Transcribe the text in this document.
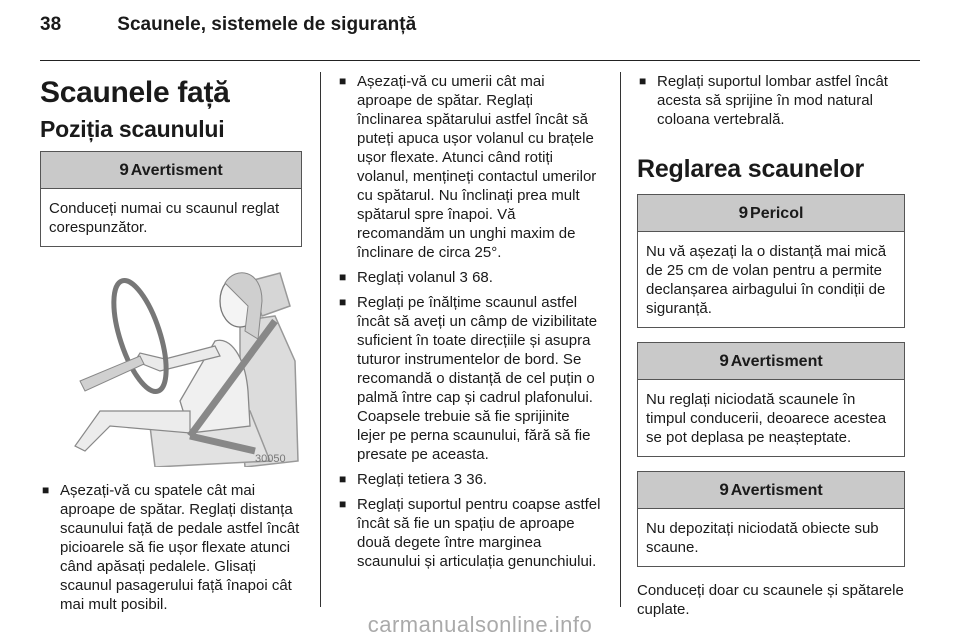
38	Scaunele, sistemele de siguranță
Scaunele față
Poziția scaunului
9 Avertisment
Conduceți numai cu scaunul reglat corespunzător.
30050
■ Așezați-vă cu spatele cât mai aproape de spătar. Reglați distanța scaunului față de pedale astfel încât picioarele să fie ușor flexate atunci când apăsați pedalele. Glisați scaunul pasagerului față înapoi cât mai mult posibil.
■ Așezați-vă cu umerii cât mai aproape de spătar. Reglați înclinarea spătarului astfel încât să puteți apuca ușor volanul cu brațele ușor flexate. Atunci când rotiți volanul, mențineți contactul umerilor cu spătarul. Nu înclinați prea mult spătarul spre înapoi. Vă recomandăm un unghi maxim de înclinare de circa 25°.
■ Reglați volanul 3 68.
■ Reglați pe înălțime scaunul astfel încât să aveți un câmp de vizibilitate suficient în toate direcțiile și asupra tuturor instrumentelor de bord. Se recomandă o distanță de cel puțin o palmă între cap și cadrul plafonului. Coapsele trebuie să fie sprijinite lejer pe perna scaunului, fără să fie presate pe aceasta.
■ Reglați tetiera 3 36.
■ Reglați suportul pentru coapse astfel încât să fie un spațiu de aproape două degete între marginea scaunului și articulația genunchiului.
■ Reglați suportul lombar astfel încât acesta să sprijine în mod natural coloana vertebrală.
Reglarea scaunelor
9 Pericol
Nu vă așezați la o distanță mai mică de 25 cm de volan pentru a permite declanșarea airbagului în condiții de siguranță.
9 Avertisment
Nu reglați niciodată scaunele în timpul conducerii, deoarece acestea se pot deplasa pe neașteptate.
9 Avertisment
Nu depozitați niciodată obiecte sub scaune.

Conduceți doar cu scaunele și spătarele cuplate.

carmanualsonline.info
